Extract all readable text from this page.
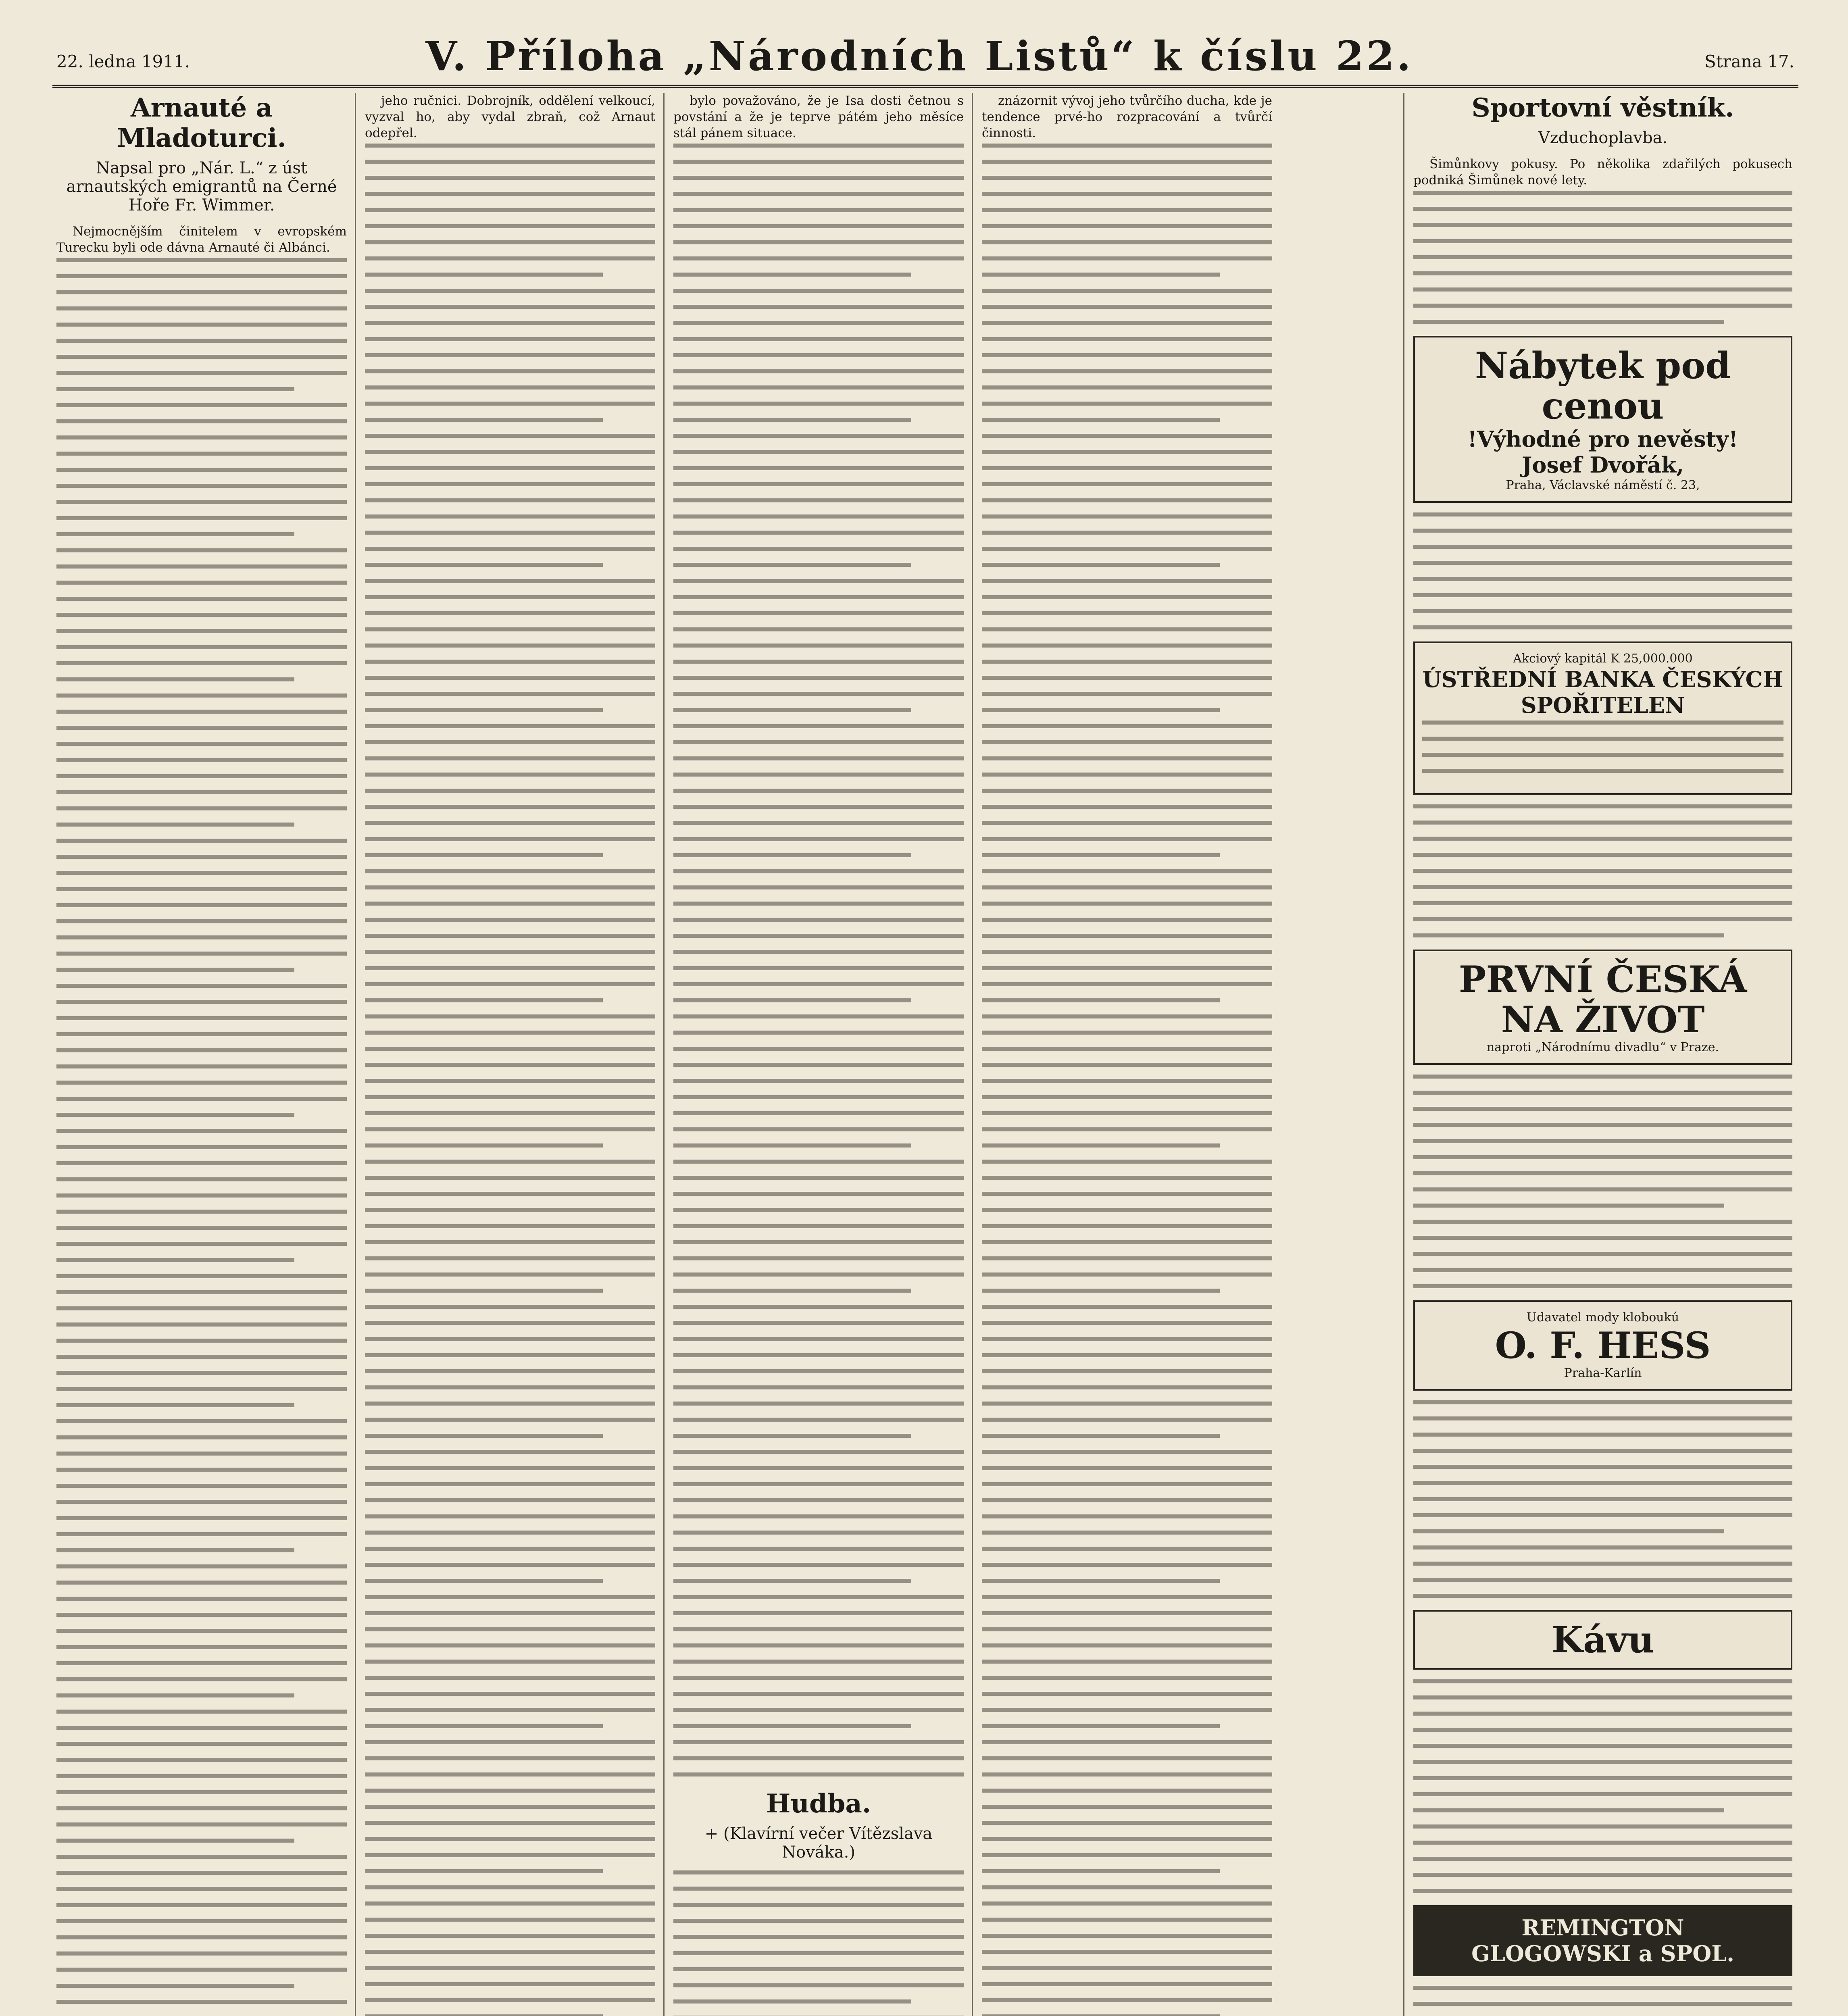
22. ledna 1911.	V. Příloha „Národních Listů“ k číslu 22.	Strana 17.
Arnauté a Mladoturci.
Napsal pro „Nár. L.“ z úst arnautských emigrantů na Černé Hoře Fr. Wimmer.

Nejmocnějším činitelem v evropském Turecku byli ode dávna Arnauté či Albánci.

jeho ručnici. Dobrojník, oddělení velkoucí, vyzval ho, aby vydal zbraň, což Arnaut odepřel.

bylo považováno, že je Isa dosti četnou s povstání a že je teprve pátém jeho měsíce stál pánem situace.

Hudba.
+ (Klavírní večer Vítězslava Nováka.)

znázornit vývoj jeho tvůrčího ducha, kde je tendence prvé-ho rozpracování a tvůrčí činnosti.

Sportovní věstník.
Vzduchoplavba.

Šimůnkovy pokusy. Po několika zdařilých pokusech podniká Šimůnek nové lety.

Nábytek pod cenou
!Výhodné pro nevěsty!
Josef Dvořák,
Praha, Václavské náměstí č. 23,
Akciový kapitál K 25,000.000
ÚSTŘEDNÍ BANKA ČESKÝCH SPOŘITELEN
PRVNÍ ČESKÁ NA ŽIVOT
naproti „Národnímu divadlu“ v Praze.
Udavatel mody kloboukú
O. F. HESS
Praha-Karlín
Kávu
REMINGTON
GLOGOWSKI a SPOL.
